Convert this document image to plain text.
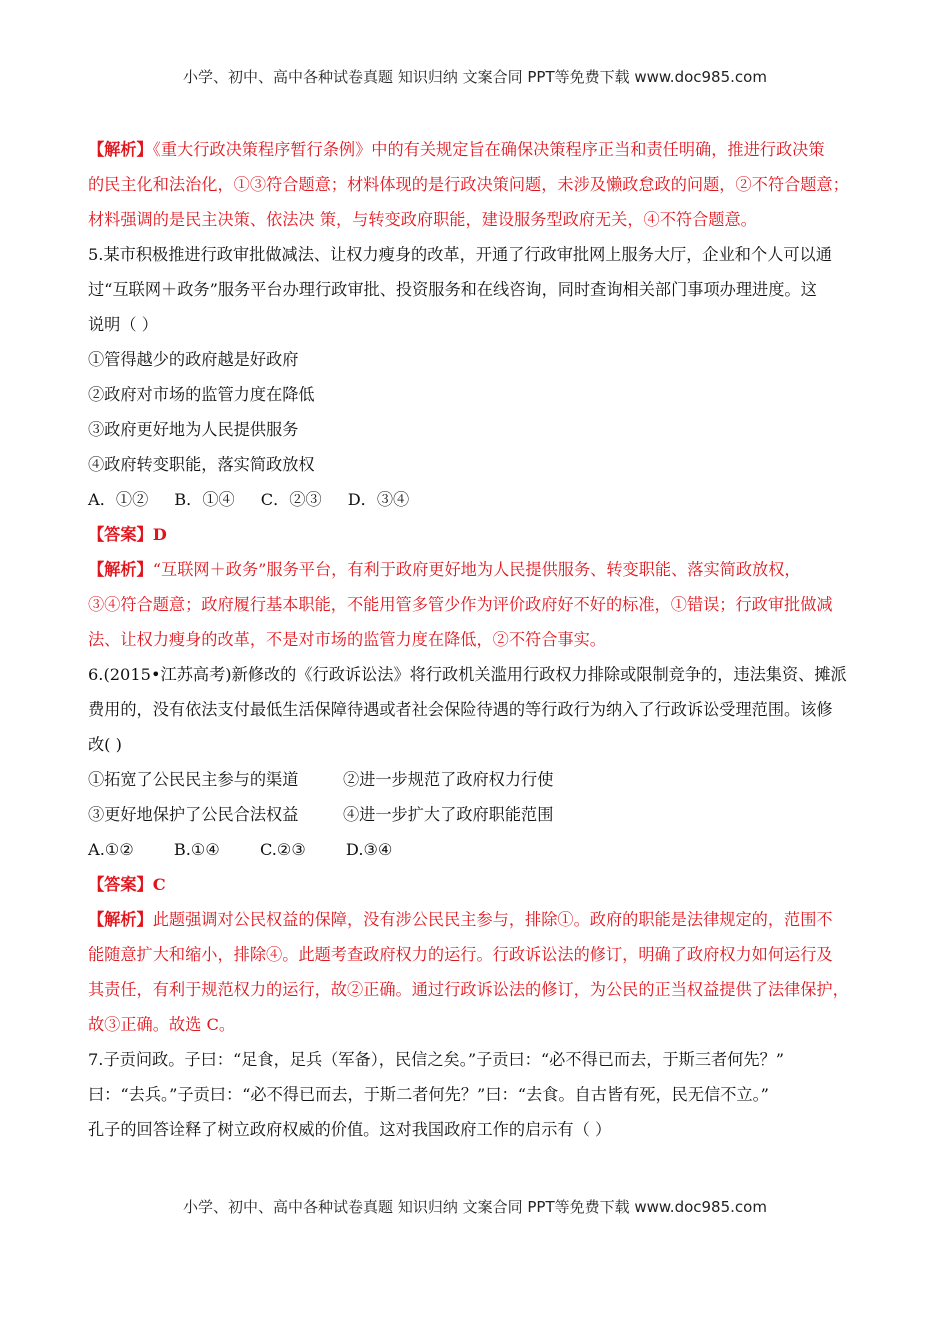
小学、初中、高中各种试卷真题 知识归纳 文案合同 PPT等免费下载 www.doc985.com

【解析】《重大行政决策程序暂行条例》中的有关规定旨在确保决策程序正当和责任明确，推进行政决策

的民主化和法治化，①③符合题意；材料体现的是行政决策问题，未涉及懒政怠政的问题，②不符合题意；

材料强调的是民主决策、依法决 策，与转变政府职能，建设服务型政府无关，④不符合题意。

5.某市积极推进行政审批做减法、让权力瘦身的改革，开通了行政审批网上服务大厅，企业和个人可以通

过“互联网＋政务”服务平台办理行政审批、投资服务和在线咨询，同时查询相关部门事项办理进度。这

说明（ ）

①管得越少的政府越是好政府

②政府对市场的监管力度在降低

③政府更好地为人民提供服务

④政府转变职能，落实简政放权

A．①② B．①④ C．②③ D．③④

【答案】D

【解析】“互联网＋政务”服务平台，有利于政府更好地为人民提供服务、转变职能、落实简政放权，

③④符合题意；政府履行基本职能，不能用管多管少作为评价政府好不好的标准，①错误；行政审批做减

法、让权力瘦身的改革，不是对市场的监管力度在降低，②不符合事实。

6.(2015•江苏高考)新修改的《行政诉讼法》将行政机关滥用行政权力排除或限制竞争的，违法集资、摊派

费用的，没有依法支付最低生活保障待遇或者社会保险待遇的等行政行为纳入了行政诉讼受理范围。该修

改( )

①拓宽了公民民主参与的渠道	②进一步规范了政府权力行使

③更好地保护了公民合法权益	④进一步扩大了政府职能范围

A.①② B.①④ C.②③ D.③④

【答案】C

【解析】此题强调对公民权益的保障，没有涉公民民主参与，排除①。政府的职能是法律规定的，范围不

能随意扩大和缩小，排除④。此题考查政府权力的运行。行政诉讼法的修订，明确了政府权力如何运行及

其责任，有利于规范权力的运行，故②正确。通过行政诉讼法的修订，为公民的正当权益提供了法律保护，

故③正确。故选 C。

7.子贡问政。子曰：“足食，足兵（军备），民信之矣。”子贡曰：“必不得已而去，于斯三者何先？”

曰：“去兵。”子贡曰：“必不得已而去，于斯二者何先？”曰：“去食。自古皆有死，民无信不立。”

孔子的回答诠释了树立政府权威的价值。这对我国政府工作的启示有（ ）

小学、初中、高中各种试卷真题 知识归纳 文案合同 PPT等免费下载 www.doc985.com
